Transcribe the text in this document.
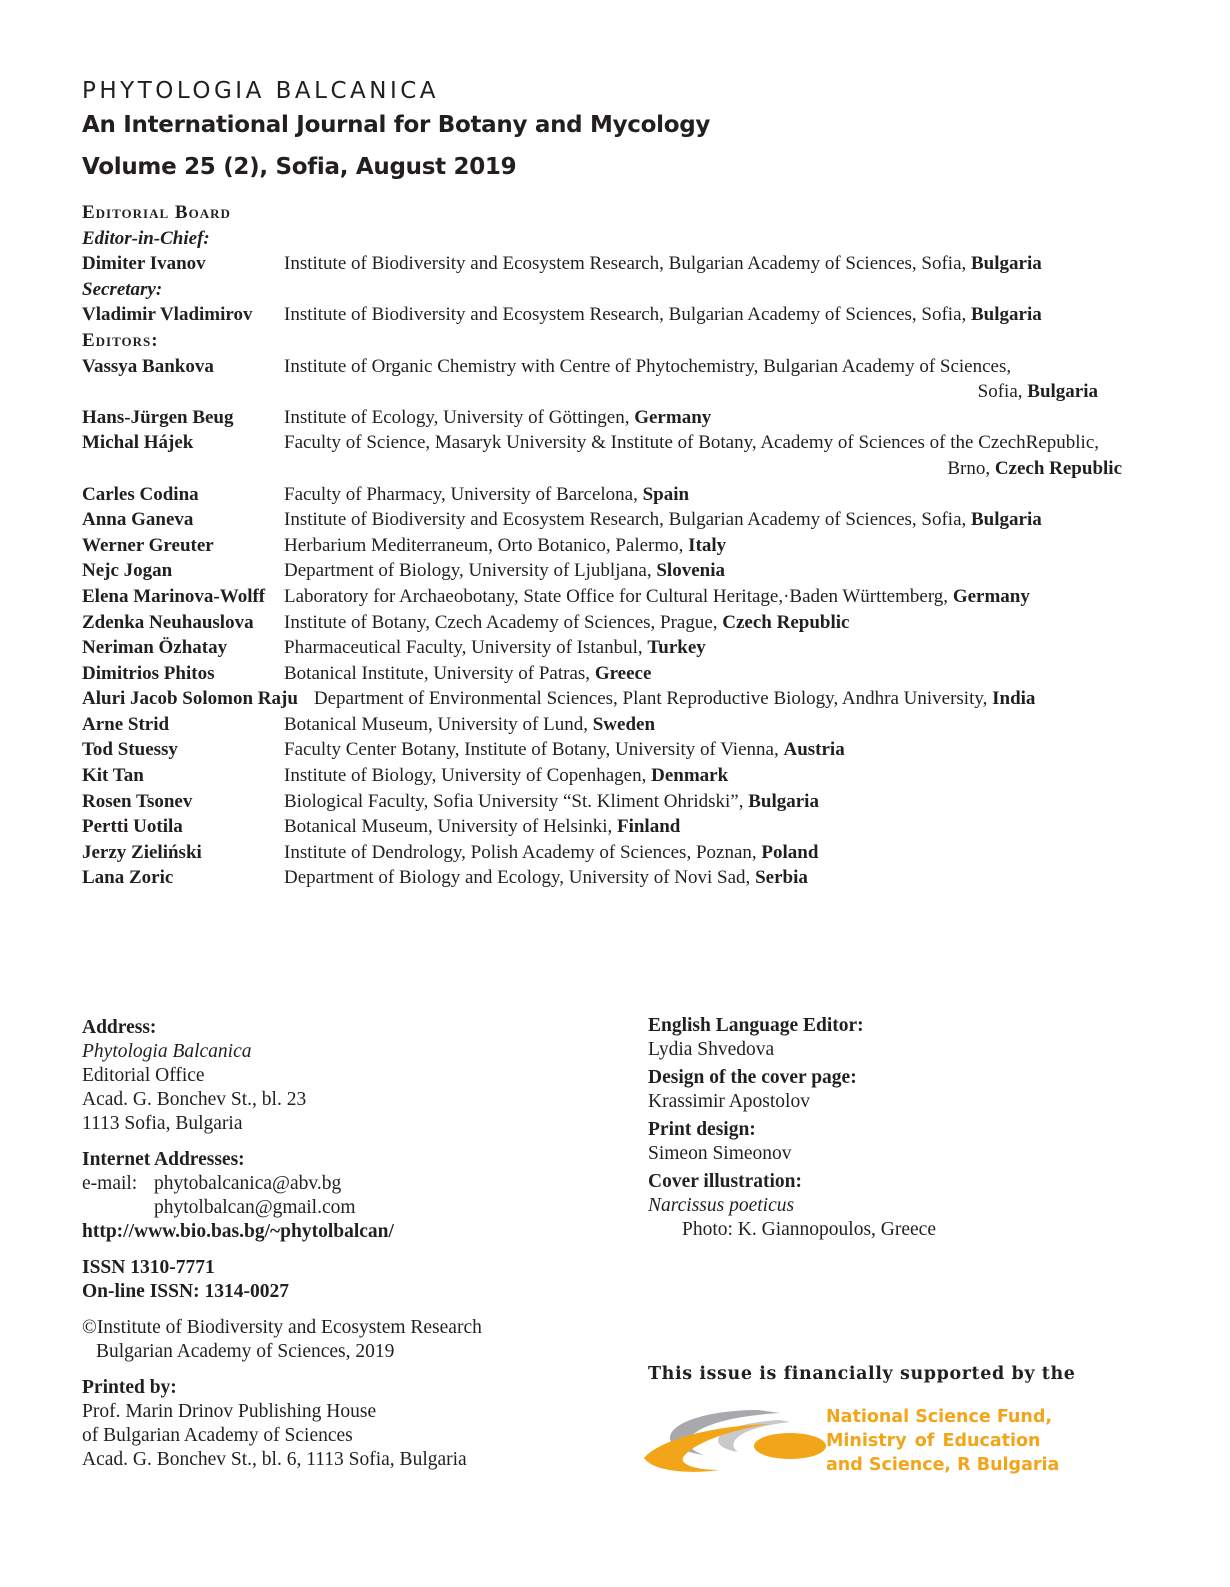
PHYTOLOGIA BALCANICA
An International Journal for Botany and Mycology
Volume 25 (2), Sofia, August 2019
Editorial Board
Editor-in-Chief:
Dimiter Ivanov	Institute of Biodiversity and Ecosystem Research, Bulgarian Academy of Sciences, Sofia, Bulgaria
Secretary:
Vladimir Vladimirov	Institute of Biodiversity and Ecosystem Research, Bulgarian Academy of Sciences, Sofia, Bulgaria
Editors:
Vassya Bankova	Institute of Organic Chemistry with Centre of Phytochemistry, Bulgarian Academy of Sciences,
Sofia, Bulgaria
Hans-Jürgen Beug	Institute of Ecology, University of Göttingen, Germany
Michal Hájek	Faculty of Science, Masaryk University & Institute of Botany, Academy of Sciences of the CzechRepublic,
Brno, Czech Republic
Carles Codina	Faculty of Pharmacy, University of Barcelona, Spain
Anna Ganeva	Institute of Biodiversity and Ecosystem Research, Bulgarian Academy of Sciences, Sofia, Bulgaria
Werner Greuter	Herbarium Mediterraneum, Orto Botanico, Palermo, Italy
Nejc Jogan	Department of Biology, University of Ljubljana, Slovenia
Elena Marinova-Wolff Laboratory for Archaeobotany, State Office for Cultural Heritage,·Baden Württemberg, Germany
Zdenka Neuhauslova	Institute of Botany, Czech Academy of Sciences, Prague, Czech Republic
Neriman Özhatay	Pharmaceutical Faculty, University of Istanbul, Turkey
Dimitrios Phitos	Botanical Institute, University of Patras, Greece
Aluri Jacob Solomon Raju Department of Environmental Sciences, Plant Reproductive Biology, Andhra University, India
Arne Strid	Botanical Museum, University of Lund, Sweden
Tod Stuessy	Faculty Center Botany, Institute of Botany, University of Vienna, Austria
Kit Tan	Institute of Biology, University of Copenhagen, Denmark
Rosen Tsonev	Biological Faculty, Sofia University “St. Kliment Ohridski”, Bulgaria
Pertti Uotila	Botanical Museum, University of Helsinki, Finland
Jerzy Zieliński	Institute of Dendrology, Polish Academy of Sciences, Poznan, Poland
Lana Zoric	Department of Biology and Ecology, University of Novi Sad, Serbia
Address:
Phytologia Balcanica
Editorial Office
Acad. G. Bonchev St., bl. 23
1113 Sofia, Bulgaria
Internet Addresses:
e-mail: phytobalcanica@abv.bg
phytolbalcan@gmail.com
http://www.bio.bas.bg/~phytolbalcan/
ISSN 1310-7771
On-line ISSN: 1314-0027
©Institute of Biodiversity and Ecosystem Research
Bulgarian Academy of Sciences, 2019
Printed by:
Prof. Marin Drinov Publishing House
of Bulgarian Academy of Sciences
Acad. G. Bonchev St., bl. 6, 1113 Sofia, Bulgaria
English Language Editor:
Lydia Shvedova
Design of the cover page:
Krassimir Apostolov
Print design:
Simeon Simeonov
Cover illustration:
Narcissus poeticus
Photo: K. Giannopoulos, Greece
This issue is financially supported by the
National Science Fund,
Ministry of Education
and Science, R Bulgaria
